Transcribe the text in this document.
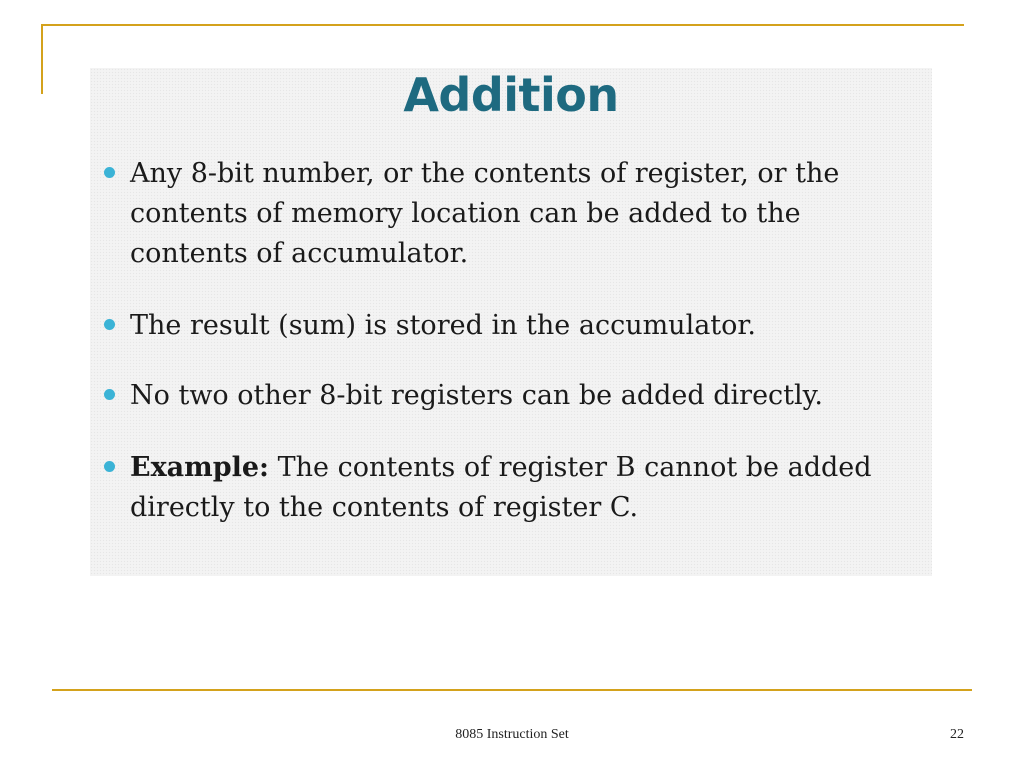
Addition
Any 8-bit number, or the contents of register, or the contents of memory location can be added to the contents of accumulator.
The result (sum) is stored in the accumulator.
No two other 8-bit registers can be added directly.
Example: The contents of register B cannot be added directly to the contents of register C.
8085 Instruction Set	22
